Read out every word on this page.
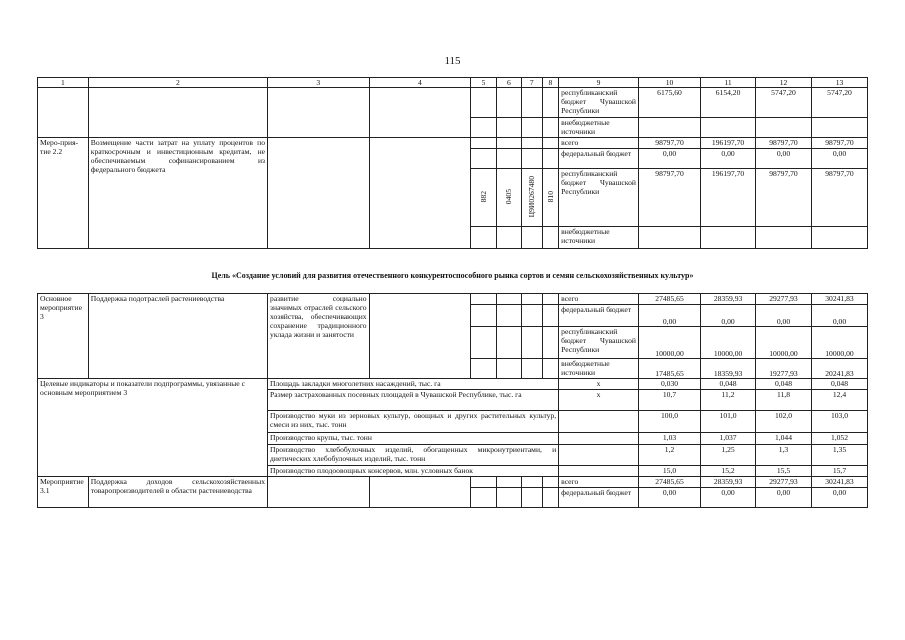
115
1	2	3	4	5	6	7	8	9	10	11	12	13
								республиканский бюджет Чувашской Республики	6175,60	6154,20	5747,20	5747,20
								внебюджетные источники				
Меро-прия-тие 2.2	Возмещение части затрат на уплату процентов по краткосрочным и инвестиционным кредитам, не обеспечиваемым софинансированием из федерального бюджета							всего	98797,70	196197,70	98797,70	98797,70
								федеральный бюджет	0,00	0,00	0,00	0,00
				882	0405	Ц9И0267480	810	республиканский бюджет Чувашской Республики	98797,70	196197,70	98797,70	98797,70
								внебюджетные источники				
Цель «Создание условий для развития отечественного конкурентоспособного рынка сортов и семян сельскохозяйственных культур»
Основное мероприятие 3	Поддержка подотраслей растениеводства	развитие социально значимых отраслей сельского хозяйства, обеспечивающих сохранение традиционного уклада жизни и занятости						всего	27485,65	28359,93	29277,93	30241,83
								федеральный бюджет	0,00	0,00	0,00	0,00
								республиканский бюджет Чувашской Республики	10000,00	10000,00	10000,00	10000,00
								внебюджетные источники	17485,65	18359,93	19277,93	20241,83
Целевые индикаторы и показатели подпрограммы, увязанные с основным мероприятием 3		Площадь закладки многолетних насаждений, тыс. га						x	0,030	0,048	0,048	0,048
		Размер застрахованных посевных площадей в Чувашской Республике, тыс. га						x	10,7	11,2	11,8	12,4
		Производство муки из зерновых культур, овощных и других растительных культур, смеси из них, тыс. тонн							100,0	101,0	102,0	103,0
		Производство крупы, тыс. тонн							1,03	1,037	1,044	1,052
		Производство хлебобулочных изделий, обогащенных микронутриентами, и диетических хлебобулочных изделий, тыс. тонн							1,2	1,25	1,3	1,35
		Производство плодоовощных консервов, млн. условных банок							15,0	15,2	15,5	15,7
Мероприятие 3.1	Поддержка доходов сельскохозяйственных товаропроизводителей в области растениеводства							всего	27485,65	28359,93	29277,93	30241,83
								федеральный бюджет	0,00	0,00	0,00	0,00
